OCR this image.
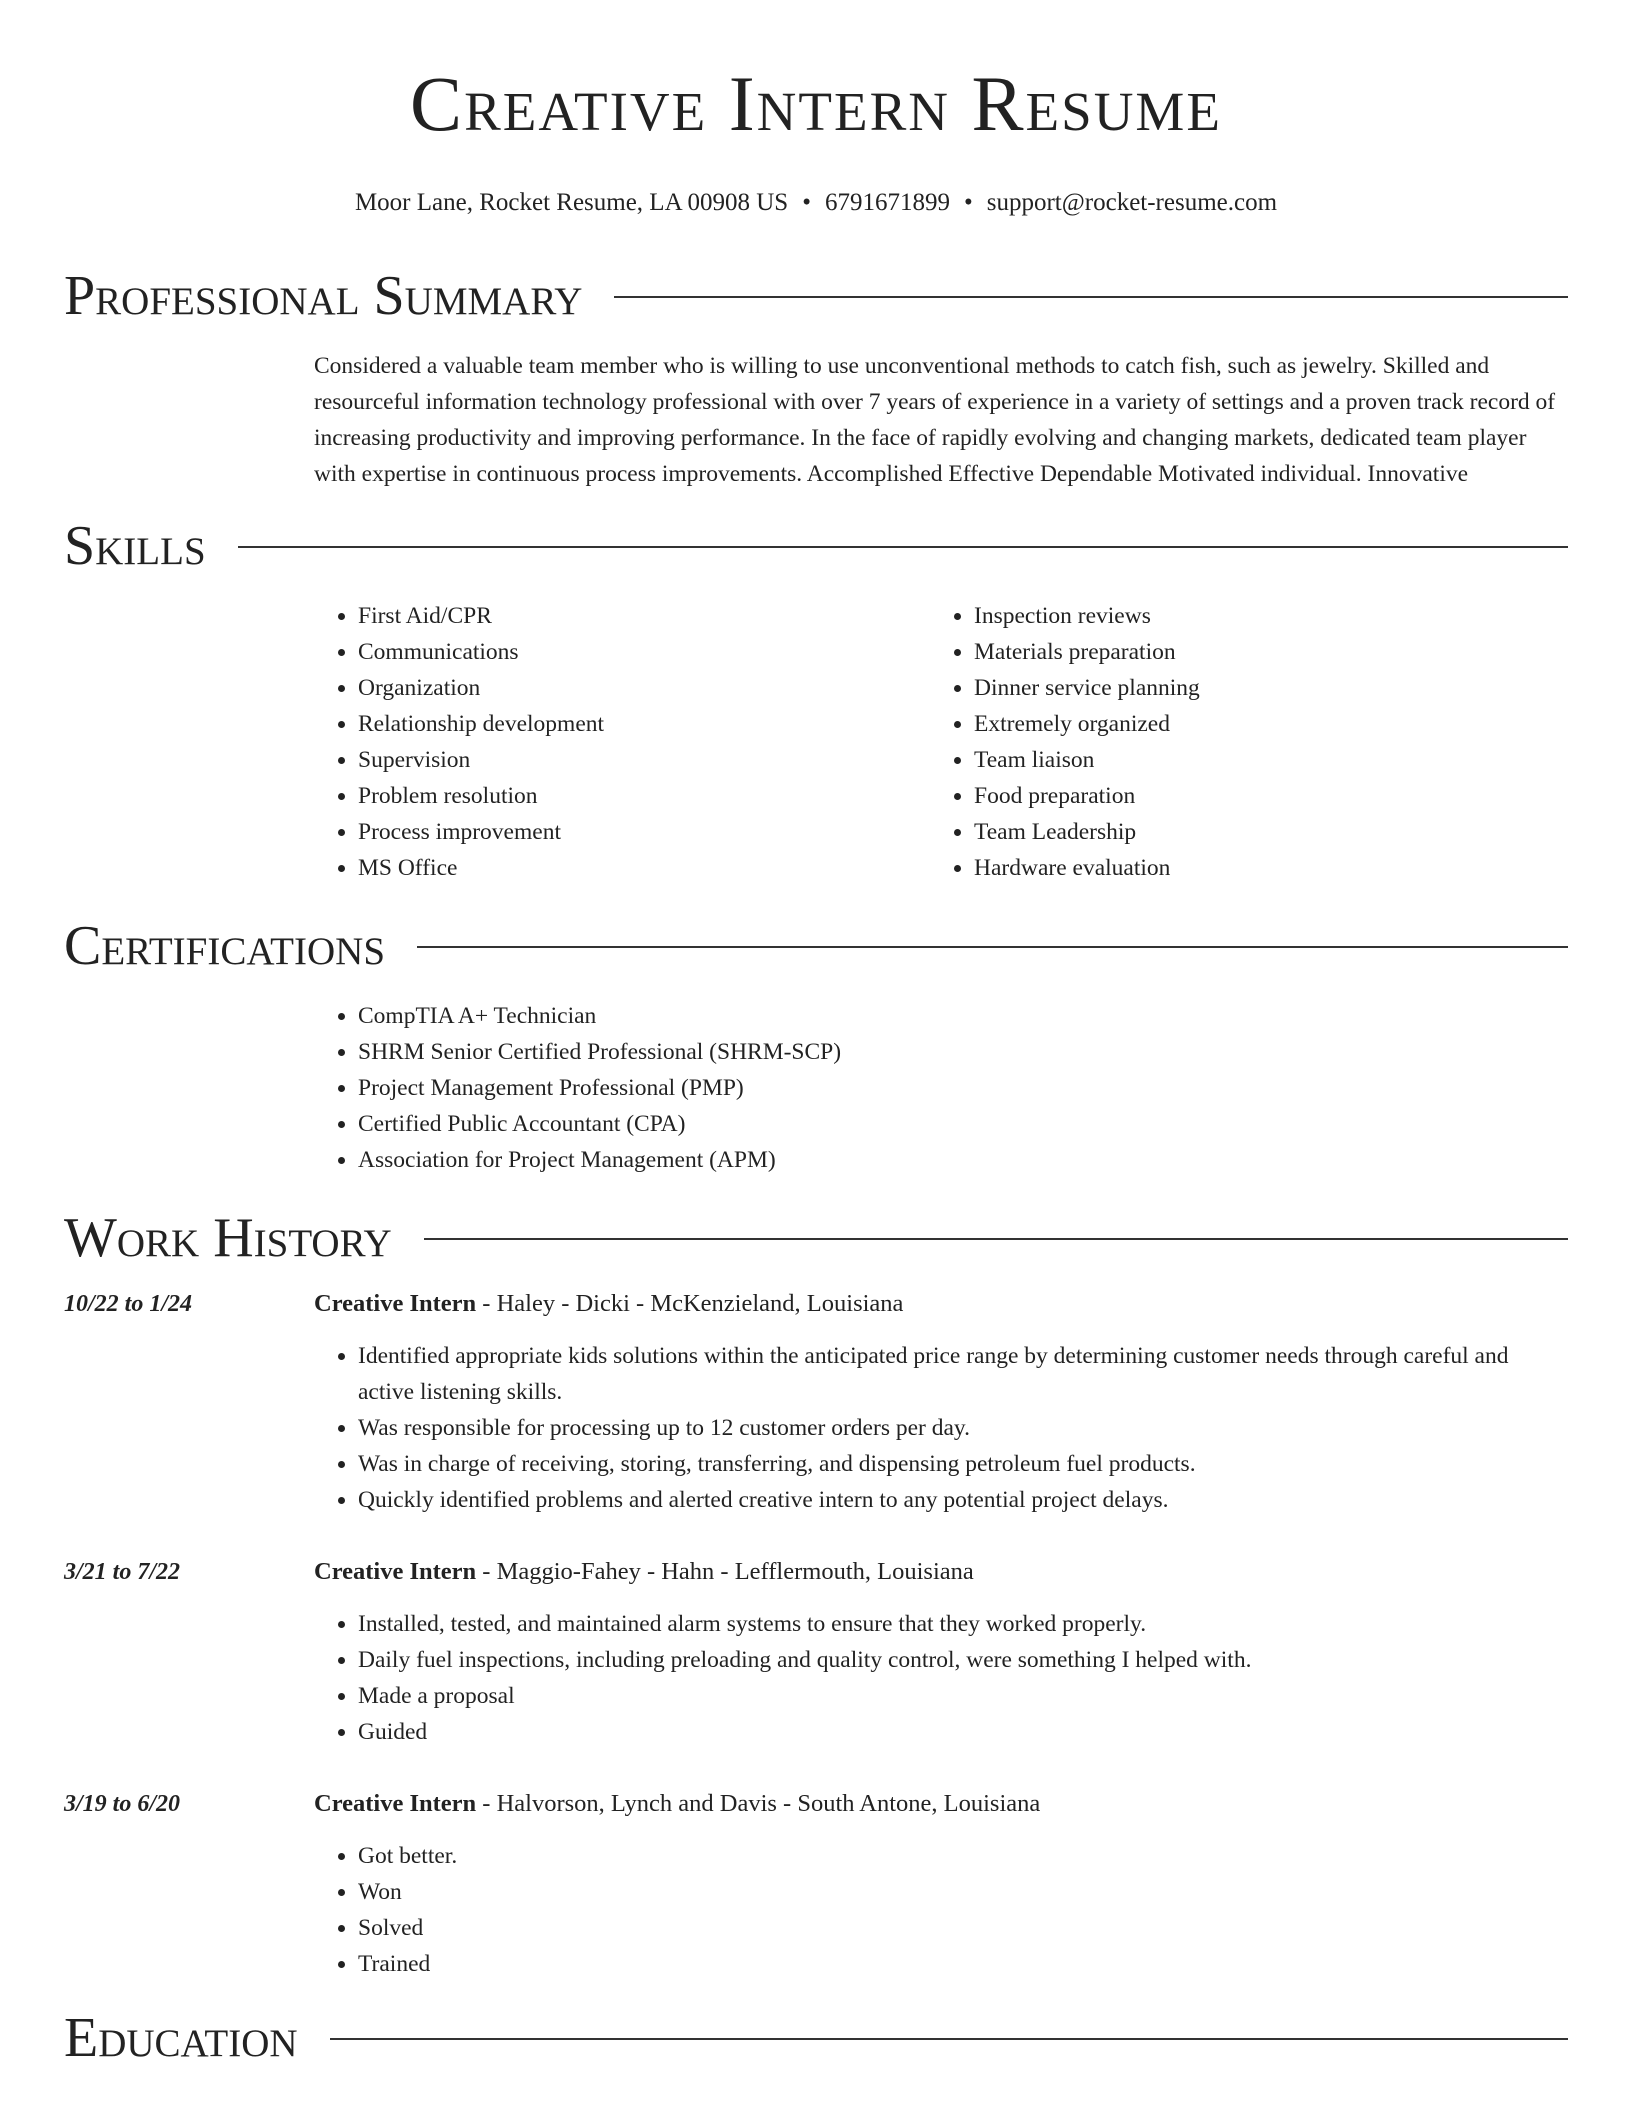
Creative Intern Resume
Moor Lane, Rocket Resume, LA 00908 US • 6791671899 • support@rocket-resume.com
Professional Summary
Considered a valuable team member who is willing to use unconventional methods to catch fish, such as jewelry. Skilled and resourceful information technology professional with over 7 years of experience in a variety of settings and a proven track record of increasing productivity and improving performance. In the face of rapidly evolving and changing markets, dedicated team player with expertise in continuous process improvements. Accomplished Effective Dependable Motivated individual. Innovative
Skills
• First Aid/CPR
• Communications
• Organization
• Relationship development
• Supervision
• Problem resolution
• Process improvement
• MS Office
• Inspection reviews
• Materials preparation
• Dinner service planning
• Extremely organized
• Team liaison
• Food preparation
• Team Leadership
• Hardware evaluation
Certifications
• CompTIA A+ Technician
• SHRM Senior Certified Professional (SHRM-SCP)
• Project Management Professional (PMP)
• Certified Public Accountant (CPA)
• Association for Project Management (APM)
Work History
10/22 to 1/24	Creative Intern - Haley - Dicki - McKenzieland, Louisiana
• Identified appropriate kids solutions within the anticipated price range by determining customer needs through careful and active listening skills.
• Was responsible for processing up to 12 customer orders per day.
• Was in charge of receiving, storing, transferring, and dispensing petroleum fuel products.
• Quickly identified problems and alerted creative intern to any potential project delays.
3/21 to 7/22	Creative Intern - Maggio-Fahey - Hahn - Lefflermouth, Louisiana
• Installed, tested, and maintained alarm systems to ensure that they worked properly.
• Daily fuel inspections, including preloading and quality control, were something I helped with.
• Made a proposal
• Guided
3/19 to 6/20	Creative Intern - Halvorson, Lynch and Davis - South Antone, Louisiana
• Got better.
• Won
• Solved
• Trained
Education
